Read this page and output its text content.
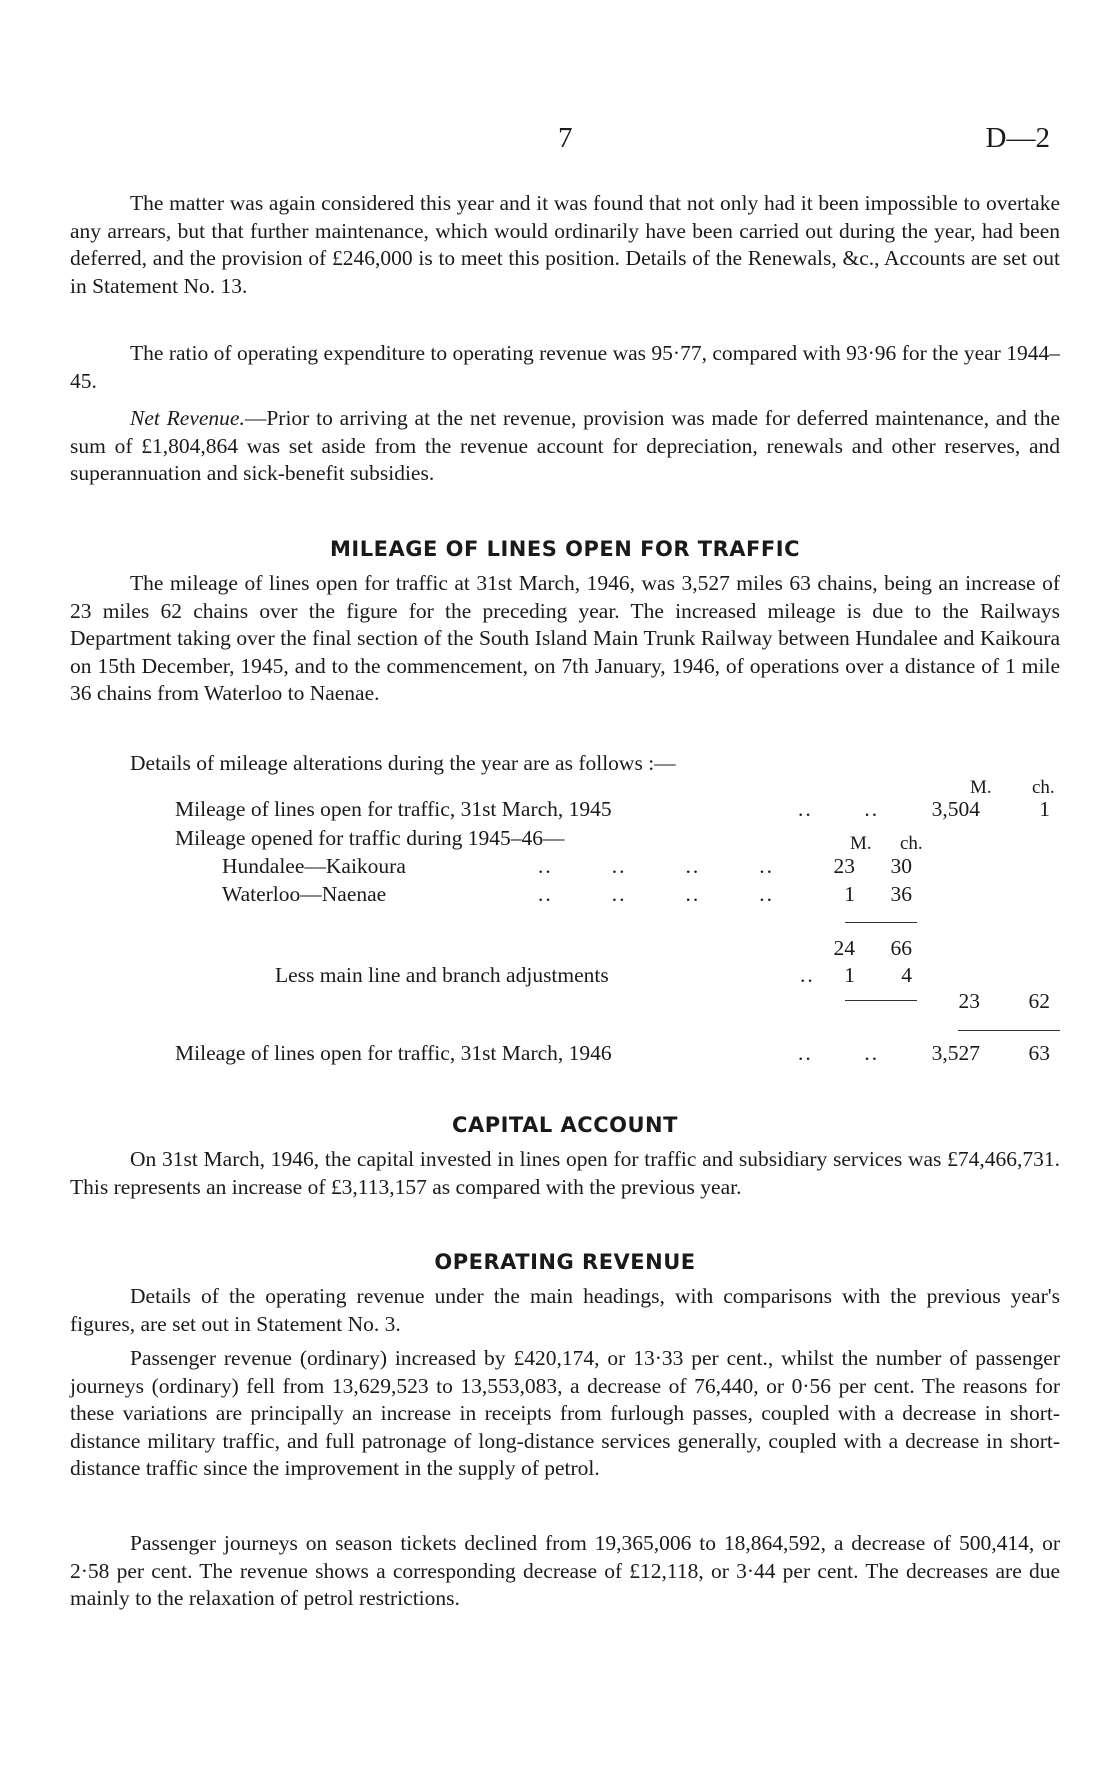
7	D—2

The matter was again considered this year and it was found that not only had it been impossible to overtake any arrears, but that further maintenance, which would ordinarily have been carried out during the year, had been deferred, and the provision of £246,000 is to meet this position. Details of the Renewals, &c., Accounts are set out in Statement No. 13.

The ratio of operating expenditure to operating revenue was 95·77, compared with 93·96 for the year 1944–45.

Net Revenue.—Prior to arriving at the net revenue, provision was made for deferred maintenance, and the sum of £1,804,864 was set aside from the revenue account for depreciation, renewals and other reserves, and superannuation and sick-benefit subsidies.

MILEAGE OF LINES OPEN FOR TRAFFIC

The mileage of lines open for traffic at 31st March, 1946, was 3,527 miles 63 chains, being an increase of 23 miles 62 chains over the figure for the preceding year. The increased mileage is due to the Railways Department taking over the final section of the South Island Main Trunk Railway between Hundalee and Kaikoura on 15th December, 1945, and to the commencement, on 7th January, 1946, of operations over a distance of 1 mile 36 chains from Waterloo to Naenae.

Details of mileage alterations during the year are as follows :—

M. ch.
Mileage of lines open for traffic, 31st March, 1945	..       .. 3,504	1
Mileage opened for traffic during 1945–46—	M. ch.
Hundalee—Kaikoura	..        ..        ..        ..	23 30
Waterloo—Naenae	..        ..        ..        ..	1 36
24 66
Less main line and branch adjustments	.. 1 4
23 62
Mileage of lines open for traffic, 31st March, 1946	..       .. 3,527 63
CAPITAL ACCOUNT

On 31st March, 1946, the capital invested in lines open for traffic and subsidiary services was £74,466,731. This represents an increase of £3,113,157 as compared with the previous year.

OPERATING REVENUE

Details of the operating revenue under the main headings, with comparisons with the previous year's figures, are set out in Statement No. 3.

Passenger revenue (ordinary) increased by £420,174, or 13·33 per cent., whilst the number of passenger journeys (ordinary) fell from 13,629,523 to 13,553,083, a decrease of 76,440, or 0·56 per cent. The reasons for these variations are principally an increase in receipts from furlough passes, coupled with a decrease in short-distance military traffic, and full patronage of long-distance services generally, coupled with a decrease in short-distance traffic since the improvement in the supply of petrol.

Passenger journeys on season tickets declined from 19,365,006 to 18,864,592, a decrease of 500,414, or 2·58 per cent. The revenue shows a corresponding decrease of £12,118, or 3·44 per cent. The decreases are due mainly to the relaxation of petrol restrictions.
